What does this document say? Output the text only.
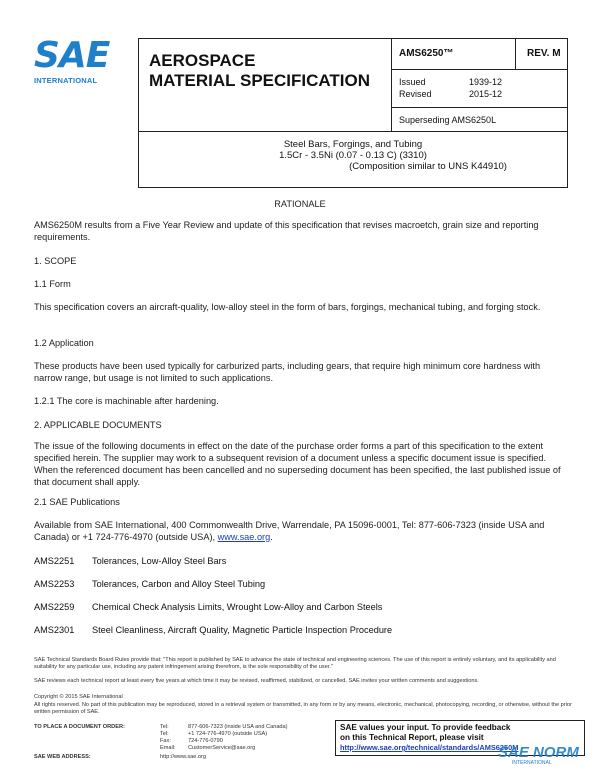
SAE
INTERNATIONAL
AEROSPACE
MATERIAL SPECIFICATION
AMS6250™	REV. M
Issued	1939-12
Revised	2015-12
Superseding AMS6250L
Steel Bars, Forgings, and Tubing
1.5Cr - 3.5Ni (0.07 - 0.13 C) (3310)
(Composition similar to UNS K44910)
RATIONALE
AMS6250M results from a Five Year Review and update of this specification that revises macroetch, grain size and reporting requirements.
1. SCOPE
1.1 Form
This specification covers an aircraft-quality, low-alloy steel in the form of bars, forgings, mechanical tubing, and forging stock.
1.2 Application
These products have been used typically for carburized parts, including gears, that require high minimum core hardness with narrow range, but usage is not limited to such applications.
1.2.1 The core is machinable after hardening.
2. APPLICABLE DOCUMENTS
The issue of the following documents in effect on the date of the purchase order forms a part of this specification to the extent specified herein. The supplier may work to a subsequent revision of a document unless a specific document issue is specified. When the referenced document has been cancelled and no superseding document has been specified, the last published issue of that document shall apply.
2.1 SAE Publications
Available from SAE International, 400 Commonwealth Drive, Warrendale, PA 15096-0001, Tel: 877-606-7323 (inside USA and Canada) or +1 724-776-4970 (outside USA), www.sae.org.
AMS2251 Tolerances, Low-Alloy Steel Bars
AMS2253 Tolerances, Carbon and Alloy Steel Tubing
AMS2259 Chemical Check Analysis Limits, Wrought Low-Alloy and Carbon Steels
AMS2301 Steel Cleanliness, Aircraft Quality, Magnetic Particle Inspection Procedure
SAE Technical Standards Board Rules provide that: "This report is published by SAE to advance the state of technical and engineering sciences. The use of this report is entirely voluntary, and its applicability and suitability for any particular use, including any patent infringement arising therefrom, is the sole responsibility of the user."
SAE reviews each technical report at least every five years at which time it may be revised, reaffirmed, stabilized, or cancelled. SAE invites your written comments and suggestions.
Copyright © 2015 SAE International
All rights reserved. No part of this publication may be reproduced, stored in a retrieval system or transmitted, in any form or by any means, electronic, mechanical, photocopying, recording, or otherwise, without the prior written permission of SAE.
TO PLACE A DOCUMENT ORDER:	Tel:	877-606-7323 (inside USA and Canada)
Tel:	+1 724-776-4970 (outside USA)
Fax:	724-776-0790
Email: CustomerService@sae.org
SAE WEB ADDRESS:	http://www.sae.org
SAE values your input. To provide feedback
on this Technical Report, please visit
http://www.sae.org/technical/standards/AMS6250M
SAE NORM
INTERNATIONAL
